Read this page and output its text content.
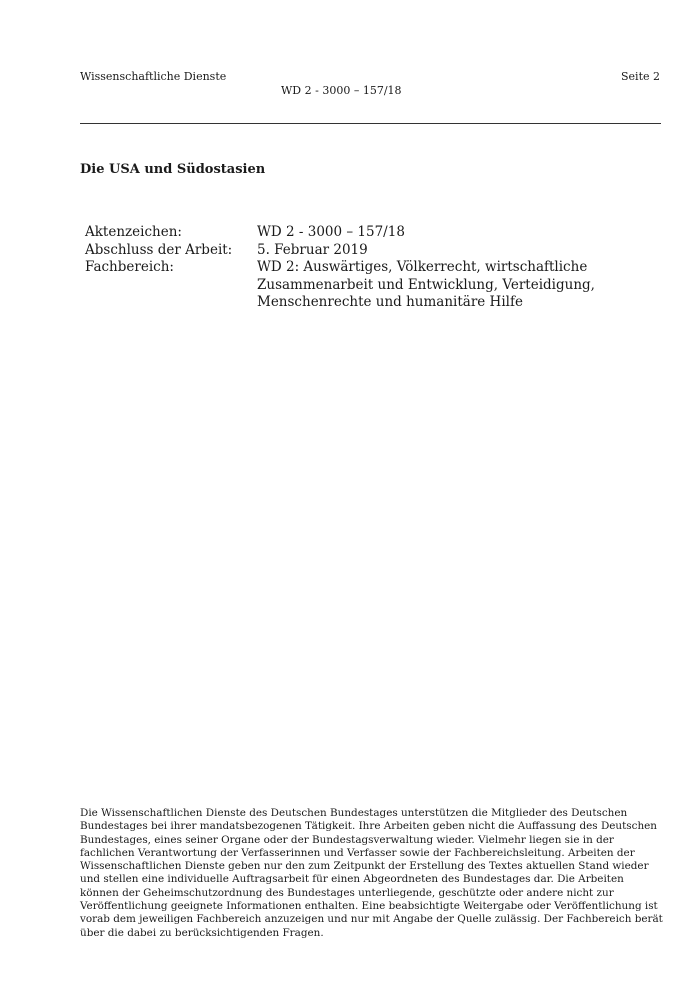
Wissenschaftliche Dienste	Seite 2
WD 2 - 3000 – 157/18
Die USA und Südostasien
Aktenzeichen:	WD 2 - 3000 – 157/18
Abschluss der Arbeit:	5. Februar 2019
Fachbereich:	WD 2: Auswärtiges, Völkerrecht, wirtschaftliche Zusammenarbeit und Entwicklung, Verteidigung, Menschenrechte und humanitäre Hilfe
Die Wissenschaftlichen Dienste des Deutschen Bundestages unterstützen die Mitglieder des Deutschen Bundestages bei ihrer mandatsbezogenen Tätigkeit. Ihre Arbeiten geben nicht die Auffassung des Deutschen Bundestages, eines seiner Organe oder der Bundestagsverwaltung wieder. Vielmehr liegen sie in der fachlichen Verantwortung der Verfasserinnen und Verfasser sowie der Fachbereichsleitung. Arbeiten der Wissenschaftlichen Dienste geben nur den zum Zeitpunkt der Erstellung des Textes aktuellen Stand wieder und stellen eine individuelle Auftragsarbeit für einen Abgeordneten des Bundestages dar. Die Arbeiten können der Geheimschutzordnung des Bundestages unterliegende, geschützte oder andere nicht zur Veröffentlichung geeignete Informationen enthalten. Eine beabsichtigte Weitergabe oder Veröffentlichung ist vorab dem jeweiligen Fachbereich anzuzeigen und nur mit Angabe der Quelle zulässig. Der Fachbereich berät über die dabei zu berücksichtigenden Fragen.
